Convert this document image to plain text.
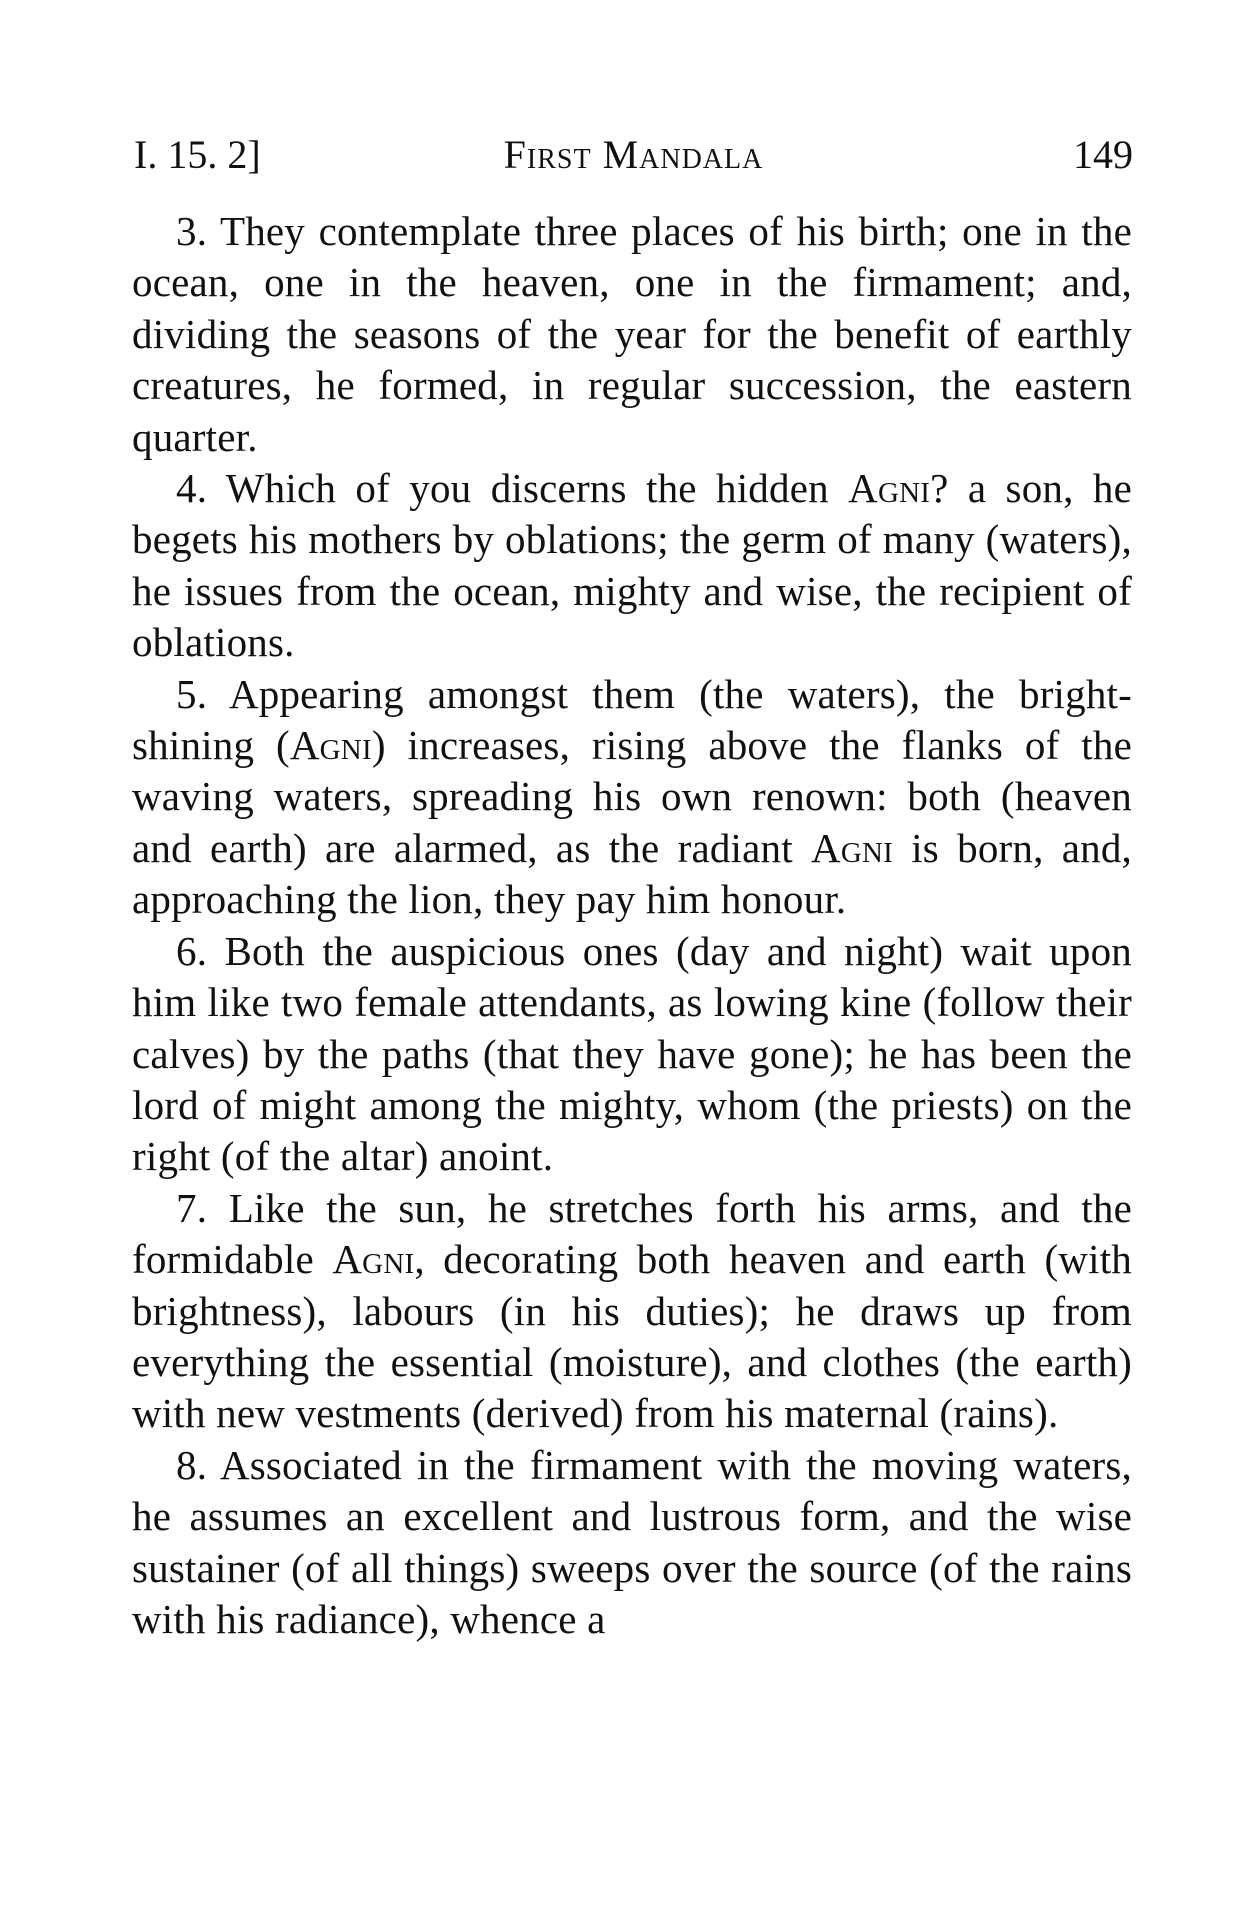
I. 15. 2]	First Mandala	149

3. They contemplate three places of his birth; one in the ocean, one in the heaven, one in the firmament; and, dividing the seasons of the year for the benefit of earthly creatures, he formed, in regular succession, the eastern quarter.

4. Which of you discerns the hidden Agni? a son, he begets his mothers by oblations; the germ of many (waters), he issues from the ocean, mighty and wise, the recipient of oblations.

5. Appearing amongst them (the waters), the bright-shining (Agni) increases, rising above the flanks of the waving waters, spreading his own renown: both (heaven and earth) are alarmed, as the radiant Agni is born, and, approaching the lion, they pay him honour.

6. Both the auspicious ones (day and night) wait upon him like two female attendants, as lowing kine (follow their calves) by the paths (that they have gone); he has been the lord of might among the mighty, whom (the priests) on the right (of the altar) anoint.

7. Like the sun, he stretches forth his arms, and the formidable Agni, decorating both heaven and earth (with brightness), labours (in his duties); he draws up from everything the essential (moisture), and clothes (the earth) with new vestments (derived) from his maternal (rains).

8. Associated in the firmament with the moving waters, he assumes an excellent and lustrous form, and the wise sustainer (of all things) sweeps over the source (of the rains with his radiance), whence a
